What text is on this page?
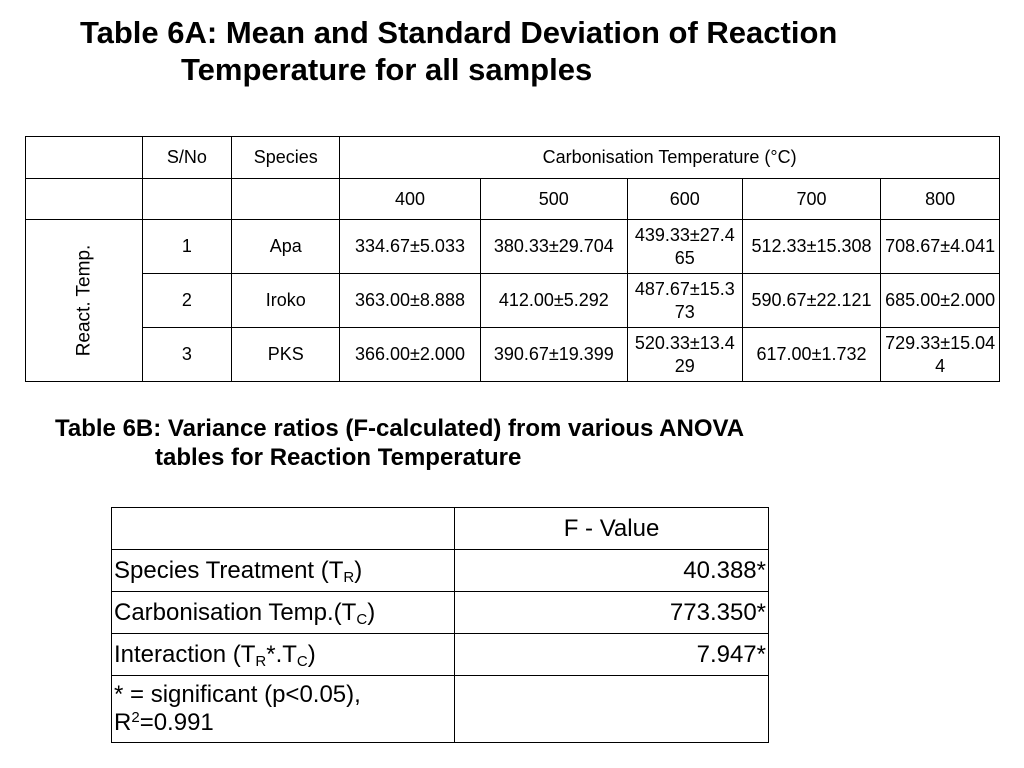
Table 6A: Mean and Standard Deviation of Reaction
Temperature for all samples
	S/No	Species	Carbonisation Temperature (°C)				
			400	500	600	700	800
React. Temp.	1	Apa	334.67±5.033	380.33±29.704	439.33±27.465	512.33±15.308	708.67±4.041
	2	Iroko	363.00±8.888	412.00±5.292	487.67±15.373	590.67±22.121	685.00±2.000
	3	PKS	366.00±2.000	390.67±19.399	520.33±13.429	617.00±1.732	729.33±15.044
Table 6B: Variance ratios (F-calculated) from various ANOVA
tables for Reaction Temperature
	F - Value
Species Treatment $(T_R)$	40.388*
Carbonisation $Temp.(T_C)$	773.350*
Interaction $(T_R*.T_C)$	7.947*
* = significant (p<0.05),
$R^2=0.991$	
